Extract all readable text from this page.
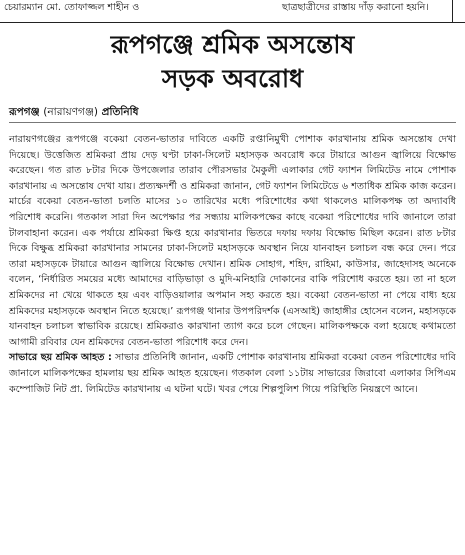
চেয়ারম্যান মো. তোফাজ্জল শাহীন ও	ছাত্রছাত্রীদের রাস্তায় দাঁড় করানো হয়নি।
রূপগঞ্জে শ্রমিক অসন্তোষ
সড়ক অবরোধ
রূপগঞ্জ (নারায়ণগঞ্জ) প্রতিনিধি

নারায়ণগঞ্জের রূপগঞ্জে বকেয়া বেতন-ভাতার দাবিতে একটি রপ্তানিমুখী পোশাক কারখানায় শ্রমিক অসন্তোষ দেখা দিয়েছে। উত্তেজিত শ্রমিকরা প্রায় দেড় ঘণ্টা ঢাকা-সিলেট মহাসড়ক অবরোধ করে টায়ারে আগুন জ্বালিয়ে বিক্ষোভ করেছেন। গত রাত ৮টার দিকে উপজেলার তারাব পৌরসভার মৈকুলী এলাকার গেট ফ্যাশন লিমিটেড নামে পোশাক কারখানায় এ অসন্তোষ দেখা যায়। প্রত্যক্ষদর্শী ও শ্রমিকরা জানান, গেট ফ্যাশন লিমিটেডে ৬ শতাধিক শ্রমিক কাজ করেন। মার্চের বকেয়া বেতন-ভাতা চলতি মাসের ১০ তারিখের মধ্যে পরিশোধের কথা থাকলেও মালিকপক্ষ তা অদ্যাবধি পরিশোধ করেনি। গতকাল সারা দিন অপেক্ষার পর সন্ধ্যায় মালিকপক্ষের কাছে বকেয়া পরিশোধের দাবি জানালে তারা টালবাহানা করেন। এক পর্যায়ে শ্রমিকরা ক্ষিপ্ত হয়ে কারখানার ভিতরে দফায় দফায় বিক্ষোভ মিছিল করেন। রাত ৮টার দিকে বিক্ষুব্ধ শ্রমিকরা কারখানার সামনের ঢাকা-সিলেট মহাসড়কে অবস্থান নিয়ে যানবাহন চলাচল বন্ধ করে দেন। পরে তারা মহাসড়কে টায়ারে আগুন জ্বালিয়ে বিক্ষোভ দেখান। শ্রমিক সোহাগ, শহিদ, রাহিমা, কাউসার, জাহেদাসহ অনেকে বলেন, ‘নির্ধারিত সময়ের মধ্যে আমাদের বাড়িভাড়া ও মুদি-মনিহারি দোকানের বাকি পরিশোধ করতে হয়। তা না হলে শ্রমিকদের না খেয়ে থাকতে হয় এবং বাড়িওয়ালার অপমান সহ্য করতে হয়। বকেয়া বেতন-ভাতা না পেয়ে বাধ্য হয়ে শ্রমিকদের মহাসড়কে অবস্থান নিতে হয়েছে।’ রূপগঞ্জ থানার উপপরিদর্শক (এসআই) জাহাঙ্গীর হোসেন বলেন, মহাসড়কে যানবাহন চলাচল স্বাভাবিক রয়েছে। শ্রমিকরাও কারখানা ত্যাগ করে চলে গেছেন। মালিকপক্ষকে বলা হয়েছে কথামতো আগামী রবিবার যেন শ্রমিকদের বেতন-ভাতা পরিশোধ করে দেন।

সাভারে ছয় শ্রমিক আহত : সাভার প্রতিনিধি জানান, একটি পোশাক কারখানায় শ্রমিকরা বকেয়া বেতন পরিশোধের দাবি জানালে মালিকপক্ষের হামলায় ছয় শ্রমিক আহত হয়েছেন। গতকাল বেলা ১১টায় সাভারের জিরাবো এলাকার সিপিএম কম্পোজিট নিট প্রা. লিমিটেড কারখানায় এ ঘটনা ঘটে। খবর পেয়ে শিল্পপুলিশ গিয়ে পরিস্থিতি নিয়ন্ত্রণে আনে।
